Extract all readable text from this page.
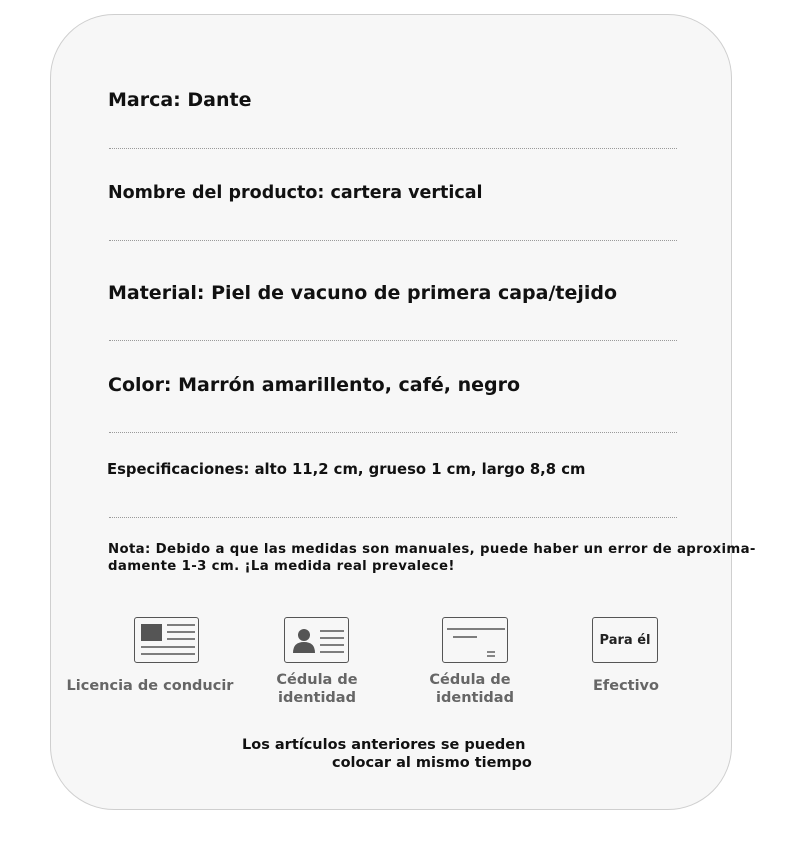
Marca: Dante

Nombre del producto: cartera vertical

Material: Piel de vacuno de primera capa/tejido

Color: Marrón amarillento, café, negro

Especificaciones: alto 11,2 cm, grueso 1 cm, largo 8,8 cm

Nota: Debido a que las medidas son manuales, puede haber un error de aproxima-
damente 1-3 cm. ¡La medida real prevalece!

Licencia de conducir	Cédula de
identidad

Cédula de
identidad

Para él

Efectivo

Los artículos anteriores se pueden
colocar al mismo tiempo
